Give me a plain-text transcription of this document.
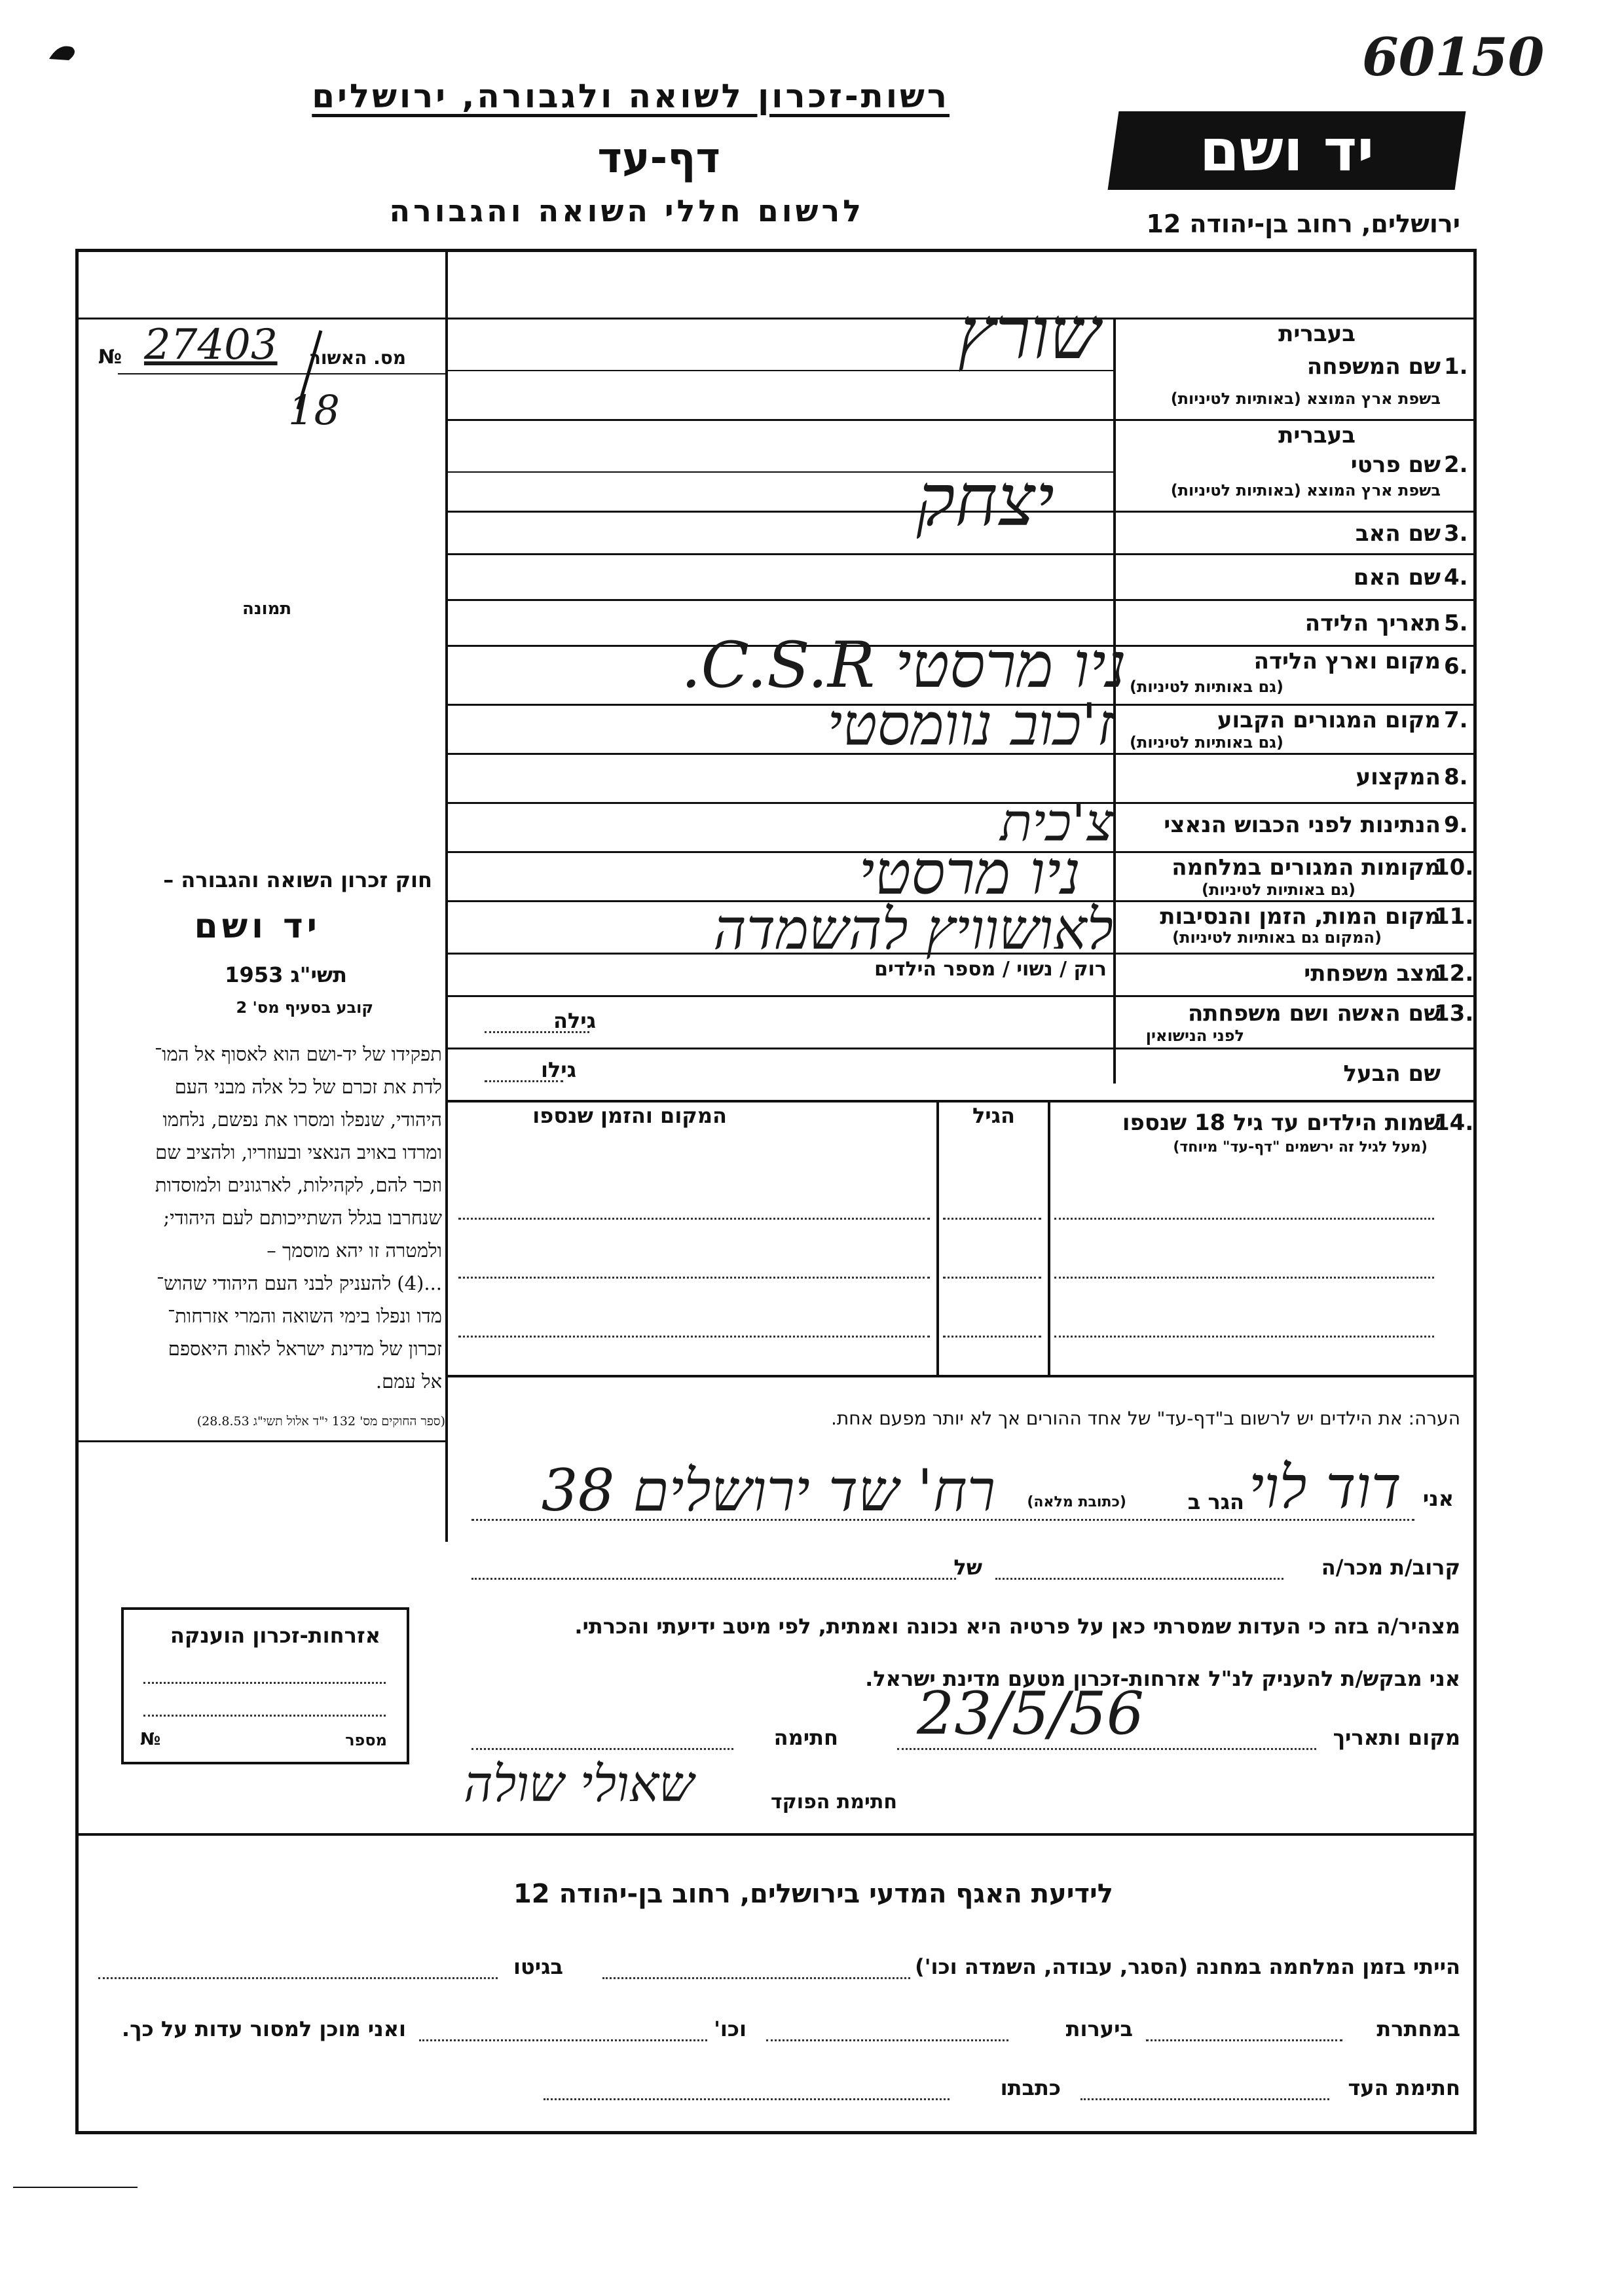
רשות-זכרון לשואה ולגבורה, ירושלים
דף-עד
לרשום חללי השואה והגבורה
יד ושם
60150
ירושלים, רחוב בן-יהודה 12
מס. האשור
№ 27403
18
תמונה
חוק זכרון השואה והגבורה –
יד ושם
תשי"ג 1953
קובע בסעיף מס' 2
תפקידו של יד-ושם הוא לאסוף אל המו־
לדת את זכרם של כל אלה מבני העם
היהודי, שנפלו ומסרו את נפשם, נלחמו
ומרדו באויב הנאצי ובעוזריו, ולהציב שם
וזכר להם, לקהילות, לארגונים ולמוסדות
שנחרבו בגלל השתייכותם לעם היהודי;
ולמטרה זו יהא מוסמך –
...(4) להעניק לבני העם היהודי שהוש־
מדו ונפלו בימי השואה והמרי אזרחות־
זכרון של מדינת ישראל לאות היאספם
אל עמם.
(ספר החוקים מס' 132 י"ד אלול תשי"ג 28.8.53)
בעברית
שם המשפחה 1.
בשפת ארץ המוצא (באותיות לטיניות)
בעברית
שם פרטי 2.
בשפת ארץ המוצא (באותיות לטיניות)
שם האב 3.
שם האם 4.
תאריך הלידה 5.
מקום וארץ הלידה 6.
(גם באותיות לטיניות)
מקום המגורים הקבוע 7.
(גם באותיות לטיניות)
המקצוע 8.
הנתינות לפני הכבוש הנאצי 9.
מקומות המגורים במלחמה
10.
(גם באותיות לטיניות)
מקום המות, הזמן והנסיבות
11.
(המקום גם באותיות לטיניות)
מצב משפחתי
12.
שם האשה ושם משפחתה
13.
לפני הנישואין
שם הבעל
שורץ
יצחק
ניו מרסטי C.S.R.
ז'כוב נוומסטי
צ'כית
ניו מרסטי
לאושוויץ להשמדה
רוק / נשוי / מספר הילדים
גילה
גילו
14.
שמות הילדים עד גיל 18 שנספו
(מעל לגיל זה ירשמים "דף-עד" מיוחד)
הגיל
המקום והזמן שנספו
הערה: את הילדים יש לרשום ב"דף-עד" של אחד ההורים אך לא יותר מפעם אחת.
אני
דוד לוי
הגר ב
(כתובת מלאה)
רח' שד ירושלים 38
קרוב/ת מכר/ה
של
מצהיר/ה בזה כי העדות שמסרתי כאן על פרטיה היא נכונה ואמתית, לפי מיטב ידיעתי והכרתי.
אני מבקש/ת להעניק לנ"ל אזרחות-זכרון מטעם מדינת ישראל.
מקום ותאריך
23/5/56
חתימה
חתימת הפוקד
שאולי שולה
אזרחות-זכרון הוענקה
מספר
№
לידיעת האגף המדעי בירושלים, רחוב בן-יהודה 12
הייתי בזמן המלחמה במחנה (הסגר, עבודה, השמדה וכו')
בגיטו
במחתרת
ביערות
וכו'
ואני מוכן למסור עדות על כך.
חתימת העד
כתבתו
